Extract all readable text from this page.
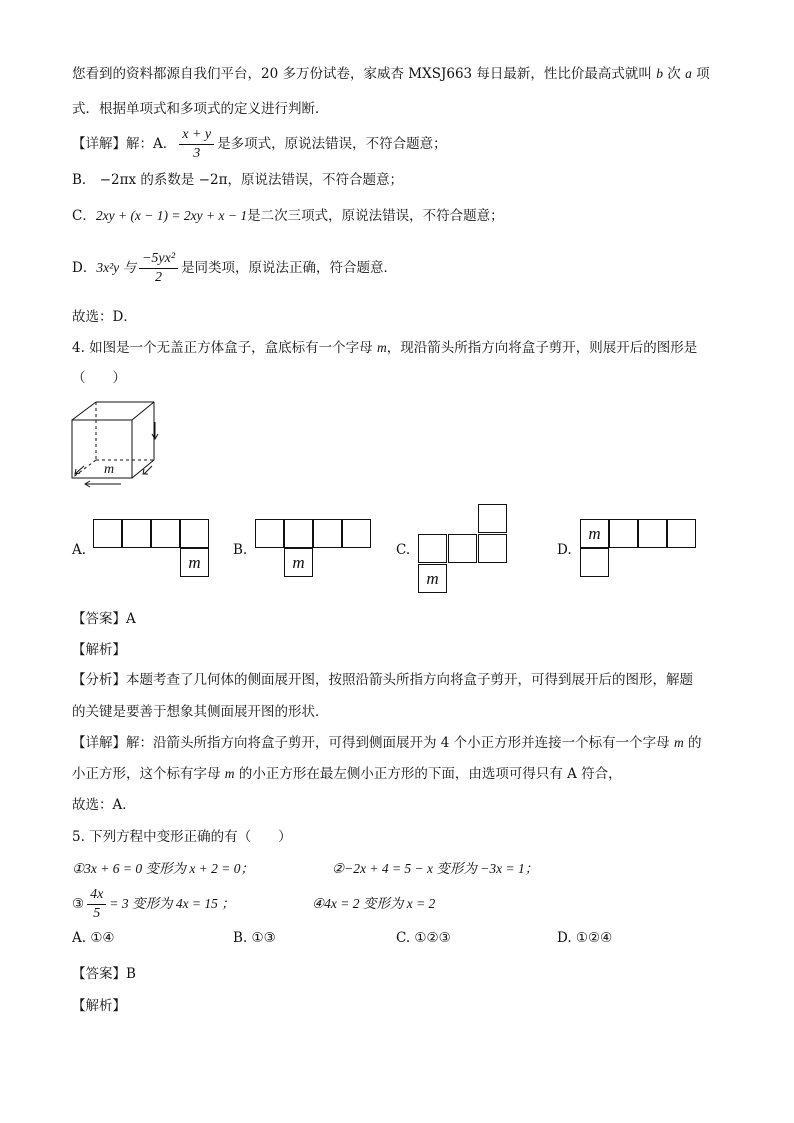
您看到的资料都源自我们平台，20 多万份试卷，家威杏 MXSJ663 每日最新，性比价最高式就叫 b 次 a 项
式．根据单项式和多项式的定义进行判断．
【详解】解：A． $\frac{x + y}{3}$ 是多项式，原说法错误，不符合题意；
B． −2πx 的系数是 −2π，原说法错误，不符合题意；
C．2xy + (x − 1) = 2xy + x − 1是二次三项式，原说法错误，不符合题意；
D．3x²y 与 $\frac{\text{−5yx²}}{2}$ 是同类项，原说法正确，符合题意．
故选：D．
4. 如图是一个无盖正方体盒子，盒底标有一个字母 m，现沿箭头所指方向将盒子剪开，则展开后的图形是
（　　）
m
A.
m
B.
m
C.
m
D.
m
【答案】A
【解析】
【分析】本题考查了几何体的侧面展开图，按照沿箭头所指方向将盒子剪开，可得到展开后的图形，解题
的关键是要善于想象其侧面展开图的形状．
【详解】解：沿箭头所指方向将盒子剪开，可得到侧面展开为 4 个小正方形并连接一个标有一个字母 m 的
小正方形，这个标有字母 m 的小正方形在最左侧小正方形的下面，由选项可得只有 A 符合，
故选：A．
5. 下列方程中变形正确的有（　　）
①3x + 6 = 0 变形为 x + 2 = 0；	②−2x + 4 = 5 − x 变形为 −3x = 1；
③ $\frac{4x}{5} = 3$ 变形为 4x = 15 ；	④4x = 2 变形为 x = 2
A. ①④	B. ①③	C. ①②③	D. ①②④
【答案】B
【解析】
